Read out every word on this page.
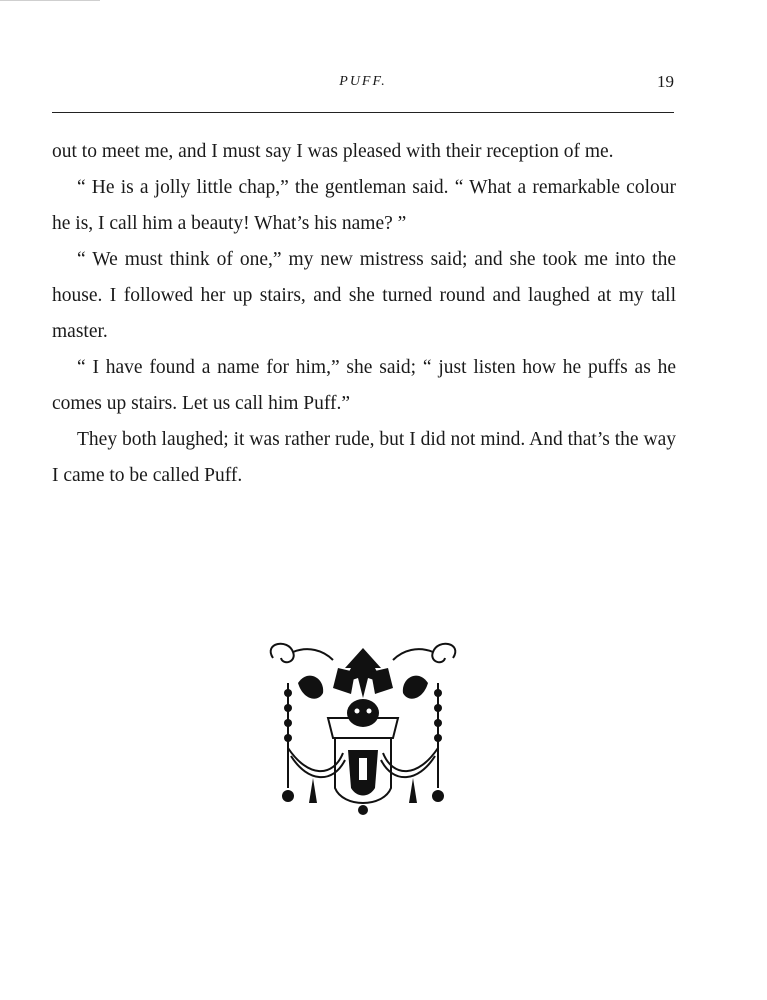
PUFF.	19

out to meet me, and I must say I was pleased with their reception of me.

“ He is a jolly little chap,” the gentleman said. “ What a remarkable colour he is, I call him a beauty! What’s his name? ”

“ We must think of one,” my new mistress said; and she took me into the house. I followed her up stairs, and she turned round and laughed at my tall master.

“ I have found a name for him,” she said; “ just listen how he puffs as he comes up stairs. Let us call him Puff.”

They both laughed; it was rather rude, but I did not mind. And that’s the way I came to be called Puff.
